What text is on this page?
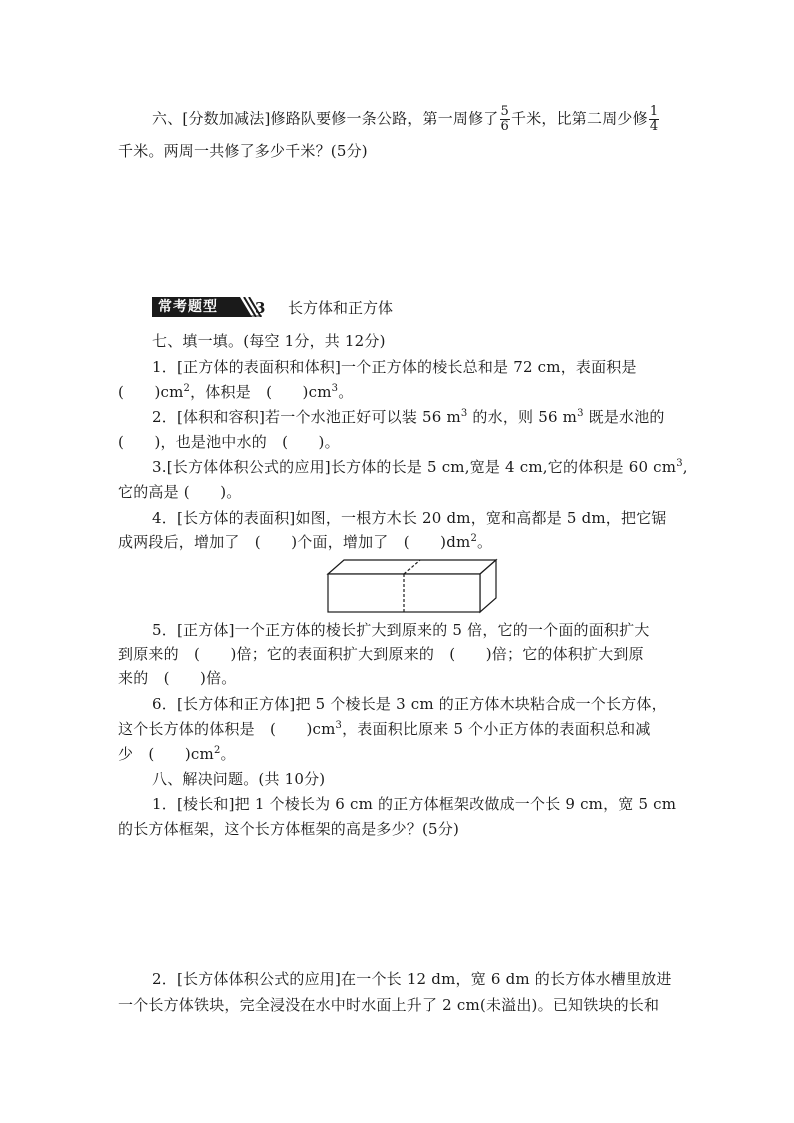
六、[分数加减法]修路队要修一条公路，第一周修了 $\frac{5}{6}$ 千米，比第二周少修 $\frac{1}{4}$
千米。两周一共修了多少千米？(5分)
常考题型 3 长方体和正方体
七、填一填。(每空 1分，共 12分)
1．[正方体的表面积和体积]一个正方体的棱长总和是 72 cm，表面积是
(　　)$cm^2$，体积是　(　　)$cm^3$。
2．[体积和容积]若一个水池正好可以装 56 $m^3$ 的水，则 56 $m^3$ 既是水池的
(　　)，也是池中水的　(　　)。
3.[长方体体积公式的应用]长方体的长是 5 cm,宽是 4 cm,它的体积是 60 $cm^3$,
它的高是 (　　)。
4．[长方体的表面积]如图，一根方木长 20 dm，宽和高都是 5 dm，把它锯
成两段后，增加了　(　　)个面，增加了　(　　)$dm^2$。
5．[正方体]一个正方体的棱长扩大到原来的 5 倍，它的一个面的面积扩大
到原来的　(　　)倍；它的表面积扩大到原来的　(　　)倍；它的体积扩大到原
来的　(　　)倍。
6．[长方体和正方体]把 5 个棱长是 3 cm 的正方体木块粘合成一个长方体，
这个长方体的体积是　(　　)$cm^3$，表面积比原来 5 个小正方体的表面积总和减
少　(　　)$cm^2$。
八、解决问题。(共 10分)
1．[棱长和]把 1 个棱长为 6 cm 的正方体框架改做成一个长 9 cm，宽 5 cm
的长方体框架，这个长方体框架的高是多少？(5分)
2．[长方体体积公式的应用]在一个长 12 dm，宽 6 dm 的长方体水槽里放进
一个长方体铁块，完全浸没在水中时水面上升了 2 cm(未溢出)。已知铁块的长和
